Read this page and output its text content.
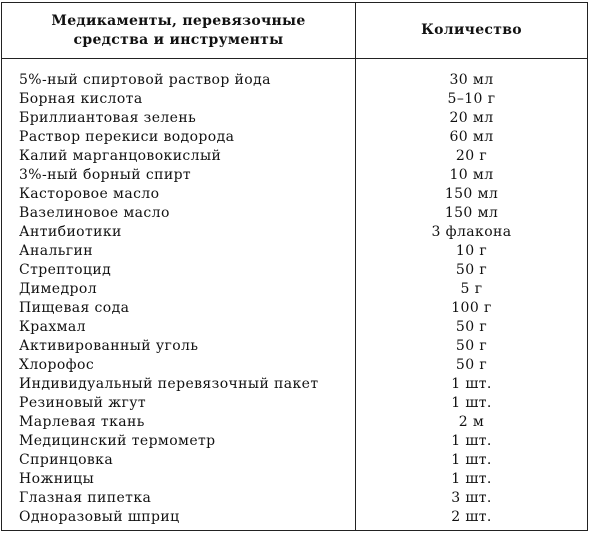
Медикаменты, перевязочные
средства и инструменты	Количество

5%-ный спиртовой раствор йода	30 мл
Борная кислота	5–10 г
Бриллиантовая зелень	20 мл
Раствор перекиси водорода	60 мл
Калий марганцовокислый	20 г
3%-ный борный спирт	10 мл
Касторовое масло	150 мл
Вазелиновое масло	150 мл
Антибиотики	3 флакона
Анальгин	10 г
Стрептоцид	50 г
Димедрол	5 г
Пищевая сода	100 г
Крахмал	50 г
Активированный уголь	50 г
Хлорофос	50 г
Индивидуальный перевязочный пакет	1 шт.
Резиновый жгут	1 шт.
Марлевая ткань	2 м
Медицинский термометр	1 шт.
Спринцовка	1 шт.
Ножницы	1 шт.
Глазная пипетка	3 шт.
Одноразовый шприц	2 шт.
